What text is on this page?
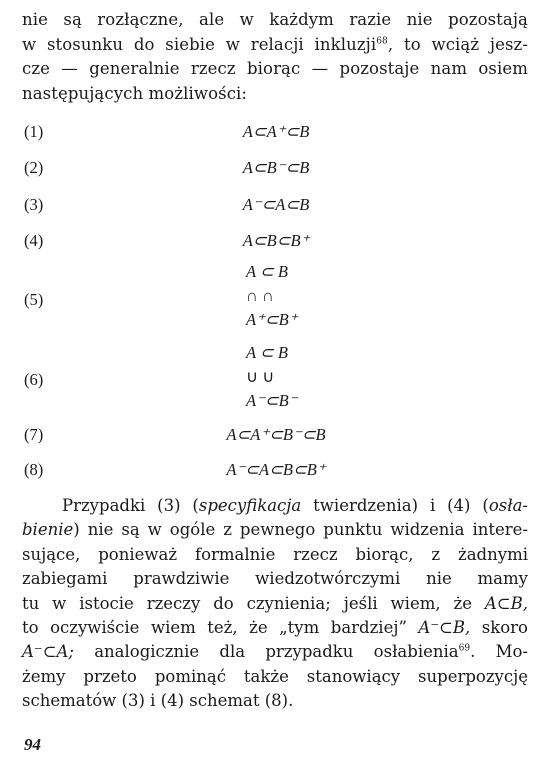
nie są rozłączne, ale w każdym razie nie pozostają
w stosunku do siebie w relacji inkluzji$^{68}$, to wciąż jesz-
cze — generalnie rzecz biorąc — pozostaje nam osiem
następujących możliwości:
(1)	A⊂A⁺⊂B
(2)	A⊂B⁻⊂B
(3)	A⁻⊂A⊂B
(4)	A⊂B⊂B⁺
(5)
A ⊂ B
∩ ∩
A⁺⊂B⁺
(6)
A ⊂ B
∪ ∪
A⁻⊂B⁻
(7)	A⊂A⁺⊂B⁻⊂B
(8)	A⁻⊂A⊂B⊂B⁺
Przypadki (3) (specyfikacja twierdzenia) i (4) (osła-
bienie) nie są w ogóle z pewnego punktu widzenia intere-
sujące, ponieważ formalnie rzecz biorąc, z żadnymi
zabiegami prawdziwie wiedzotwórczymi nie mamy
tu w istocie rzeczy do czynienia; jeśli wiem, że A⊂B,
to oczywiście wiem też, że „tym bardziej” A⁻⊂B, skoro
A⁻⊂A; analogicznie dla przypadku osłabienia$^{69}$. Mo-
żemy przeto pominąć także stanowiący superpozycję
schematów (3) i (4) schemat (8).
94
